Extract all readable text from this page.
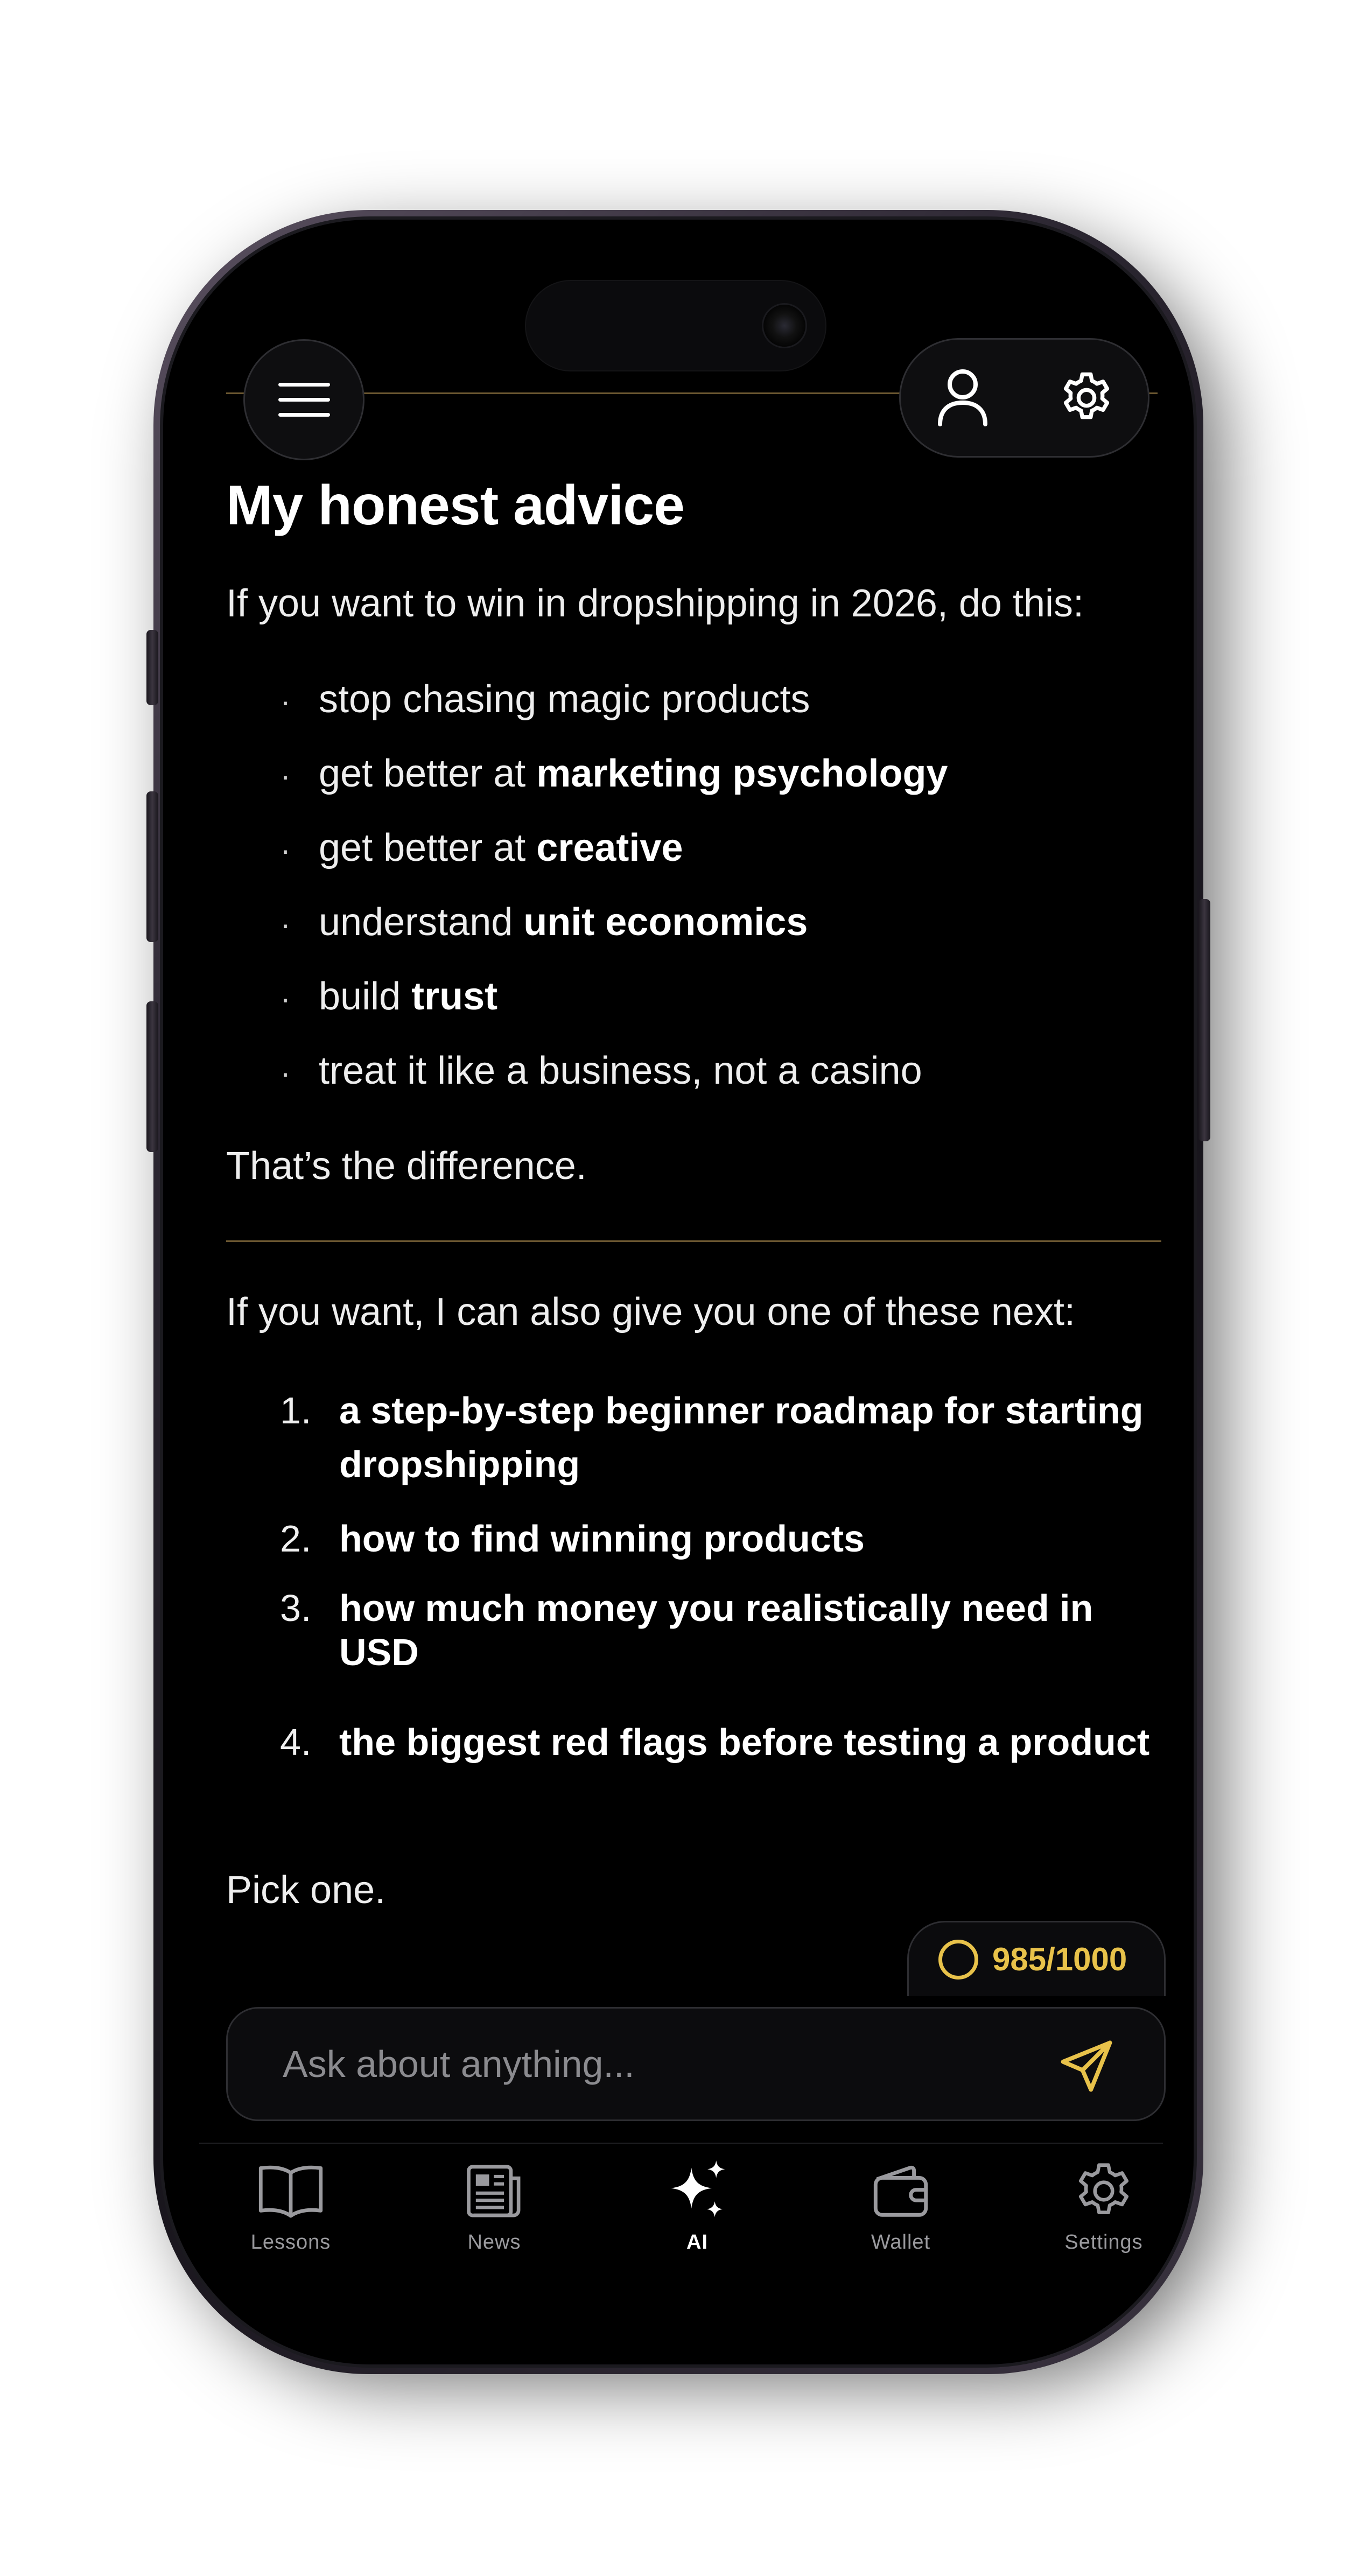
My honest advice

If you want to win in dropshipping in 2026, do this:

· stop chasing magic products
· get better at
marketing psychology
· get better at
creative
· understand
unit economics
· build
trust
· treat it like a business, not a casino

That’s the difference.

If you want, I can also give you one of these next:

1. a step-by-step beginner roadmap for starting dropshipping
2. how to find winning products
3. how much money you realistically need in USD
4. the biggest red flags before testing a product

Pick one.

985/1000
Ask about anything...
Lessons	News	AI	Wallet	Settings
